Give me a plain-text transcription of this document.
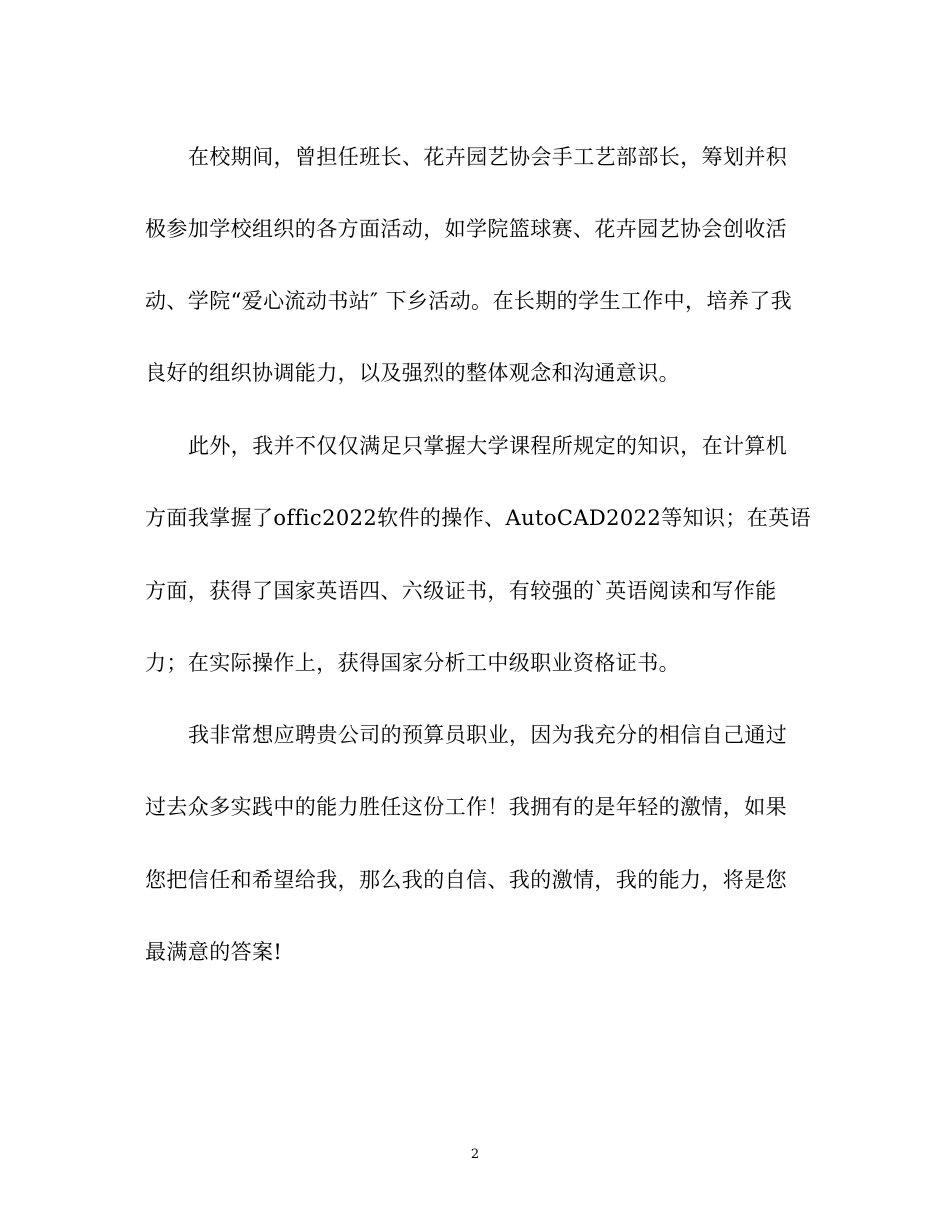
在校期间，曾担任班长、花卉园艺协会手工艺部部长，筹划并积
极参加学校组织的各方面活动，如学院篮球赛、花卉园艺协会创收活
动、学院“爱心流动书站″ 下乡活动。在长期的学生工作中，培养了我
良好的组织协调能力，以及强烈的整体观念和沟通意识。
此外，我并不仅仅满足只掌握大学课程所规定的知识，在计算机
方面我掌握了offic2022软件的操作、AutoCAD2022等知识；在英语
方面，获得了国家英语四、六级证书，有较强的`英语阅读和写作能
力；在实际操作上，获得国家分析工中级职业资格证书。
我非常想应聘贵公司的预算员职业，因为我充分的相信自己通过
过去众多实践中的能力胜任这份工作！我拥有的是年轻的激情，如果
您把信任和希望给我，那么我的自信、我的激情，我的能力，将是您
最满意的答案!
2
